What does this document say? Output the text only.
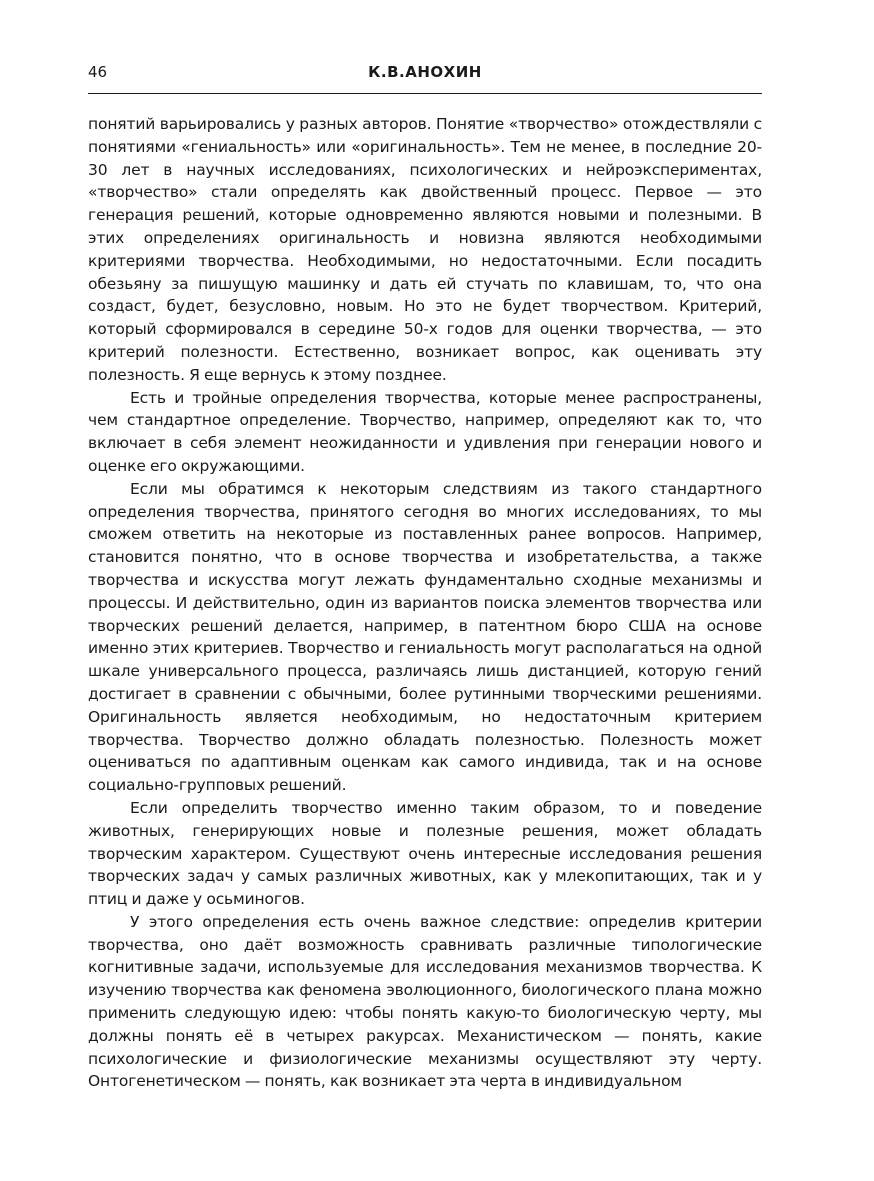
46	К.В.АНОХИН

понятий варьировались у разных авторов. Понятие «творчество» отождествляли с понятиями «гениальность» или «оригинальность». Тем не менее, в последние 20-30 лет в научных исследованиях, психологических и нейроэкспериментах, «творчество» стали определять как двойственный процесс. Первое — это генерация решений, которые одновременно являются новыми и полезными. В этих определениях оригинальность и новизна являются необходимыми критериями творчества. Необходимыми, но недостаточными. Если посадить обезьяну за пишущую машинку и дать ей стучать по клавишам, то, что она создаст, будет, безусловно, новым. Но это не будет творчеством. Критерий, который сформировался в середине 50-х годов для оценки творчества, — это критерий полезности. Естественно, возникает вопрос, как оценивать эту полезность. Я еще вернусь к этому позднее.

Есть и тройные определения творчества, которые менее распространены, чем стандартное определение. Творчество, например, определяют как то, что включает в себя элемент неожиданности и удивления при генерации нового и оценке его окружающими.

Если мы обратимся к некоторым следствиям из такого стандартного определения творчества, принятого сегодня во многих исследованиях, то мы сможем ответить на некоторые из поставленных ранее вопросов. Например, становится понятно, что в основе творчества и изобретательства, а также творчества и искусства могут лежать фундаментально сходные механизмы и процессы. И действительно, один из вариантов поиска элементов творчества или творческих решений делается, например, в патентном бюро США на основе именно этих критериев. Творчество и гениальность могут располагаться на одной шкале универсального процесса, различаясь лишь дистанцией, которую гений достигает в сравнении с обычными, более рутинными творческими решениями. Оригинальность является необходимым, но недостаточным критерием творчества. Творчество должно обладать полезностью. Полезность может оцениваться по адаптивным оценкам как самого индивида, так и на основе социально-групповых решений.

Если определить творчество именно таким образом, то и поведение животных, генерирующих новые и полезные решения, может обладать творческим характером. Существуют очень интересные исследования решения творческих задач у самых различных животных, как у млекопитающих, так и у птиц и даже у осьминогов.

У этого определения есть очень важное следствие: определив критерии творчества, оно даёт возможность сравнивать различные типологические когнитивные задачи, используемые для исследования механизмов творчества. К изучению творчества как феномена эволюционного, биологического плана можно применить следующую идею: чтобы понять какую-то биологическую черту, мы должны понять её в четырех ракурсах. Механистическом — понять, какие психологические и физиологические механизмы осуществляют эту черту. Онтогенетическом — понять, как возникает эта черта в индивидуальном
